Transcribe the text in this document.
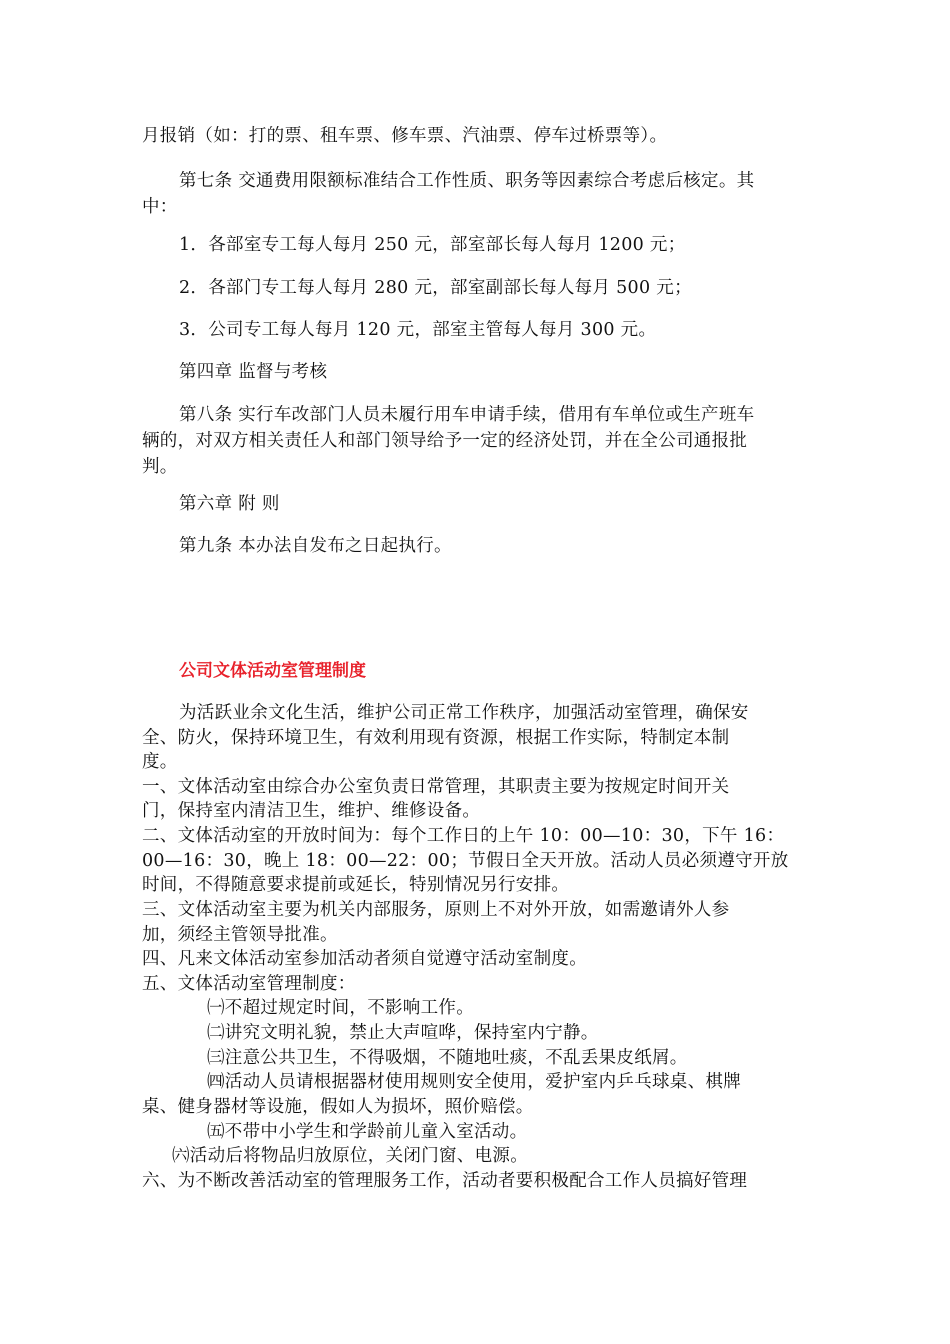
月报销（如：打的票、租车票、修车票、汽油票、停车过桥票等）。
第七条 交通费用限额标准结合工作性质、职务等因素综合考虑后核定。其
中：
1．各部室专工每人每月 250 元，部室部长每人每月 1200 元；
2．各部门专工每人每月 280 元，部室副部长每人每月 500 元；
3．公司专工每人每月 120 元，部室主管每人每月 300 元。
第四章 监督与考核
第八条 实行车改部门人员未履行用车申请手续，借用有车单位或生产班车
辆的，对双方相关责任人和部门领导给予一定的经济处罚，并在全公司通报批
判。
第六章 附 则
第九条 本办法自发布之日起执行。
公司文体活动室管理制度
为活跃业余文化生活，维护公司正常工作秩序，加强活动室管理，确保安
全、防火，保持环境卫生，有效利用现有资源，根据工作实际，特制定本制
度。
一、文体活动室由综合办公室负责日常管理，其职责主要为按规定时间开关
门，保持室内清洁卫生，维护、维修设备。
二、文体活动室的开放时间为：每个工作日的上午 10：00—10：30，下午 16：
00—16：30，晚上 18：00—22：00；节假日全天开放。活动人员必须遵守开放
时间，不得随意要求提前或延长，特别情况另行安排。
三、文体活动室主要为机关内部服务，原则上不对外开放，如需邀请外人参
加，须经主管领导批准。
四、凡来文体活动室参加活动者须自觉遵守活动室制度。
五、文体活动室管理制度：
㈠不超过规定时间，不影响工作。
㈡讲究文明礼貌，禁止大声喧哗，保持室内宁静。
㈢注意公共卫生，不得吸烟，不随地吐痰，不乱丢果皮纸屑。
㈣活动人员请根据器材使用规则安全使用，爱护室内乒乓球桌、棋牌
桌、健身器材等设施，假如人为损坏，照价赔偿。
㈤不带中小学生和学龄前儿童入室活动。
㈥活动后将物品归放原位，关闭门窗、电源。
六、为不断改善活动室的管理服务工作，活动者要积极配合工作人员搞好管理
